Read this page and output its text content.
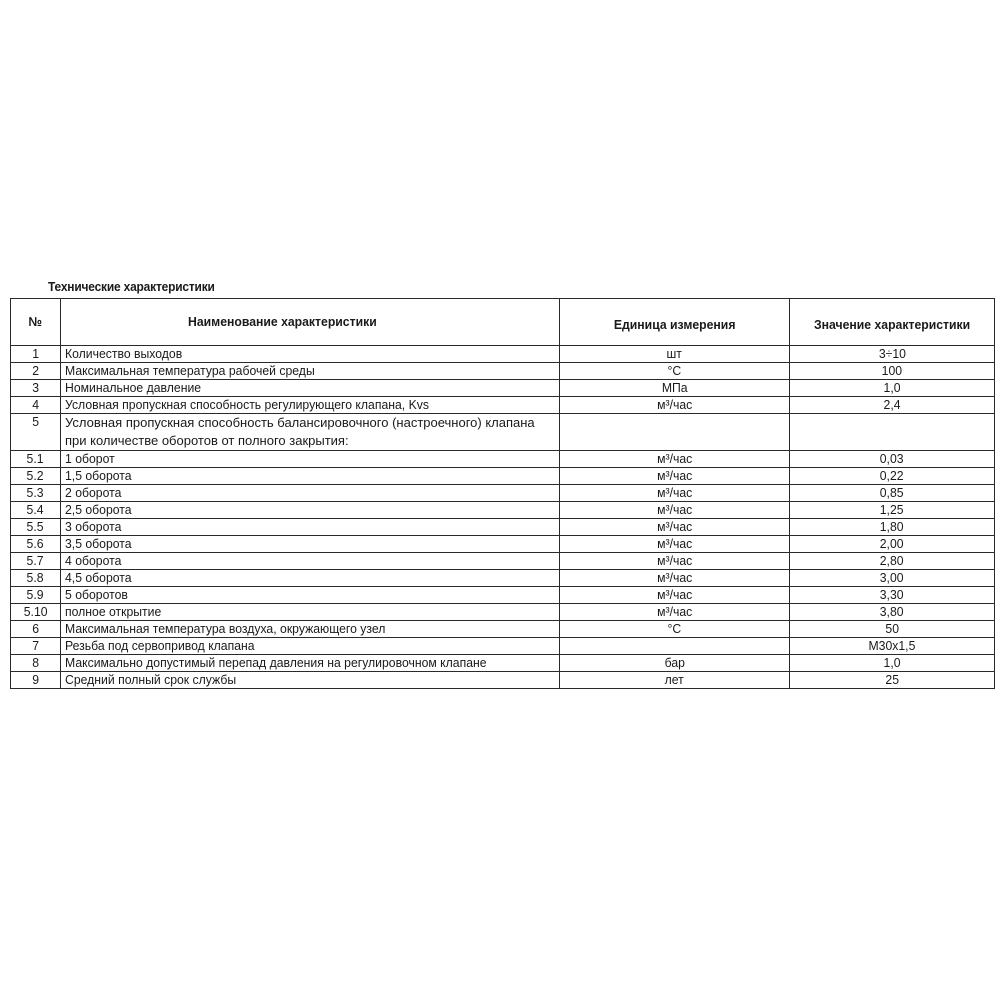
Технические характеристики
№	Наименование характеристики	Единица измерения	Значение характеристики
1	Количество выходов	шт	3÷10
2	Максимальная температура рабочей среды	°С	100
3	Номинальное давление	МПа	1,0
4	Условная пропускная способность регулирующего клапана, Kvs	м³/час	2,4
5	Условная пропускная способность балансировочного (настроечного) клапана при количестве оборотов от полного закрытия:		
5.1	1 оборот	м³/час	0,03
5.2	1,5 оборота	м³/час	0,22
5.3	2 оборота	м³/час	0,85
5.4	2,5 оборота	м³/час	1,25
5.5	3 оборота	м³/час	1,80
5.6	3,5 оборота	м³/час	2,00
5.7	4 оборота	м³/час	2,80
5.8	4,5 оборота	м³/час	3,00
5.9	5 оборотов	м³/час	3,30
5.10	полное открытие	м³/час	3,80
6	Максимальная температура воздуха, окружающего узел	°С	50
7	Резьба под сервопривод клапана		M30x1,5
8	Максимально допустимый перепад давления на регулировочном клапане	бар	1,0
9	Средний полный срок службы	лет	25
